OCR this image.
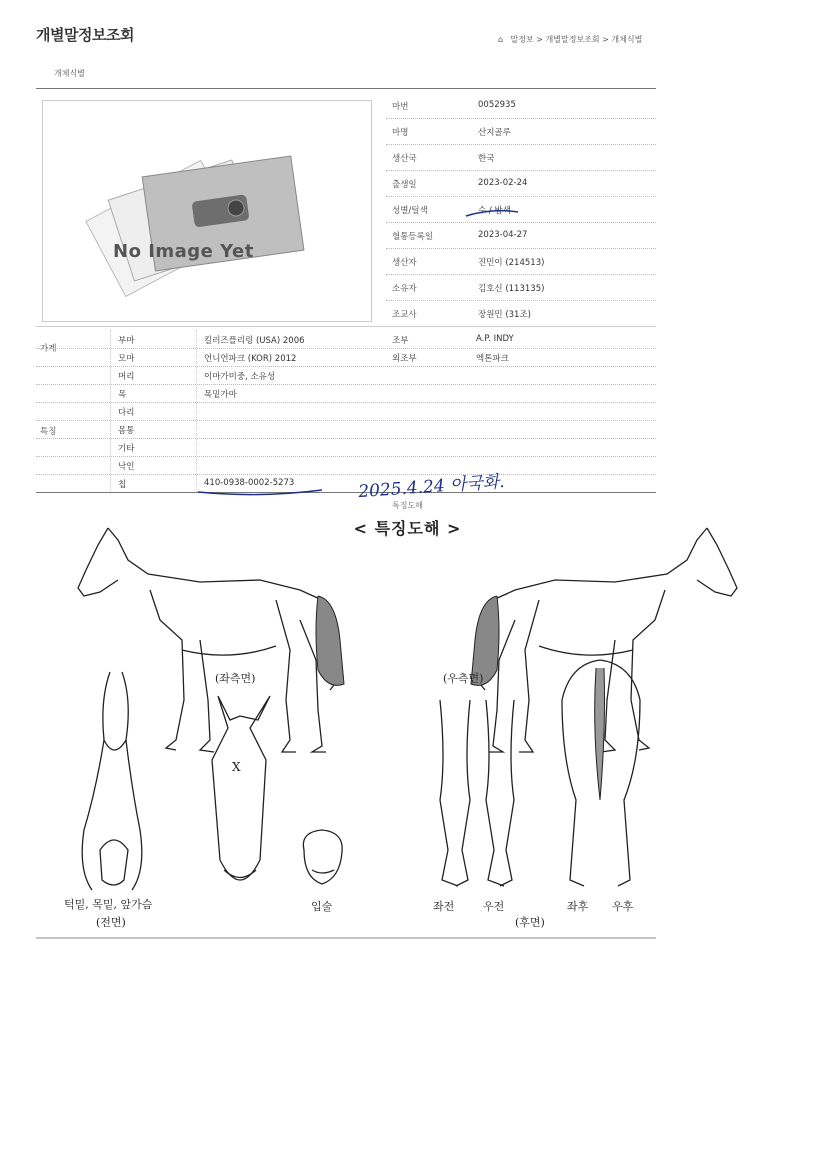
개별말정보조회	⌂ 말정보 > 개별말정보조회 > 개체식별
개체식별
No Image Yet
마번	0052935
마명	산지골루
생산국	한국
출생일	2023-02-24
성별/털색	수 / 밤색
혈통등록일	2023-04-27
생산자	진민이 (214513)
소유자	김호신 (113135)
조교사	장원민 (31조)
가계
부마	킬러즈플리링 (USA) 2006	조부	A.P. INDY
모마	언니언파크 (KOR) 2012	외조부	엑톤파크
특징
머리	이마가미중, 소유성
목	목밑가마
다리
몸통
기타
낙인
칩	410-0938-0002-5273	2025.4.24 아국화.
특징도해
< 특징도해 >
(좌측면)	(우측면)
X
턱밑, 목밑, 앞가슴
(전면)
입술	좌전	우전
(후면)
좌후 우후
